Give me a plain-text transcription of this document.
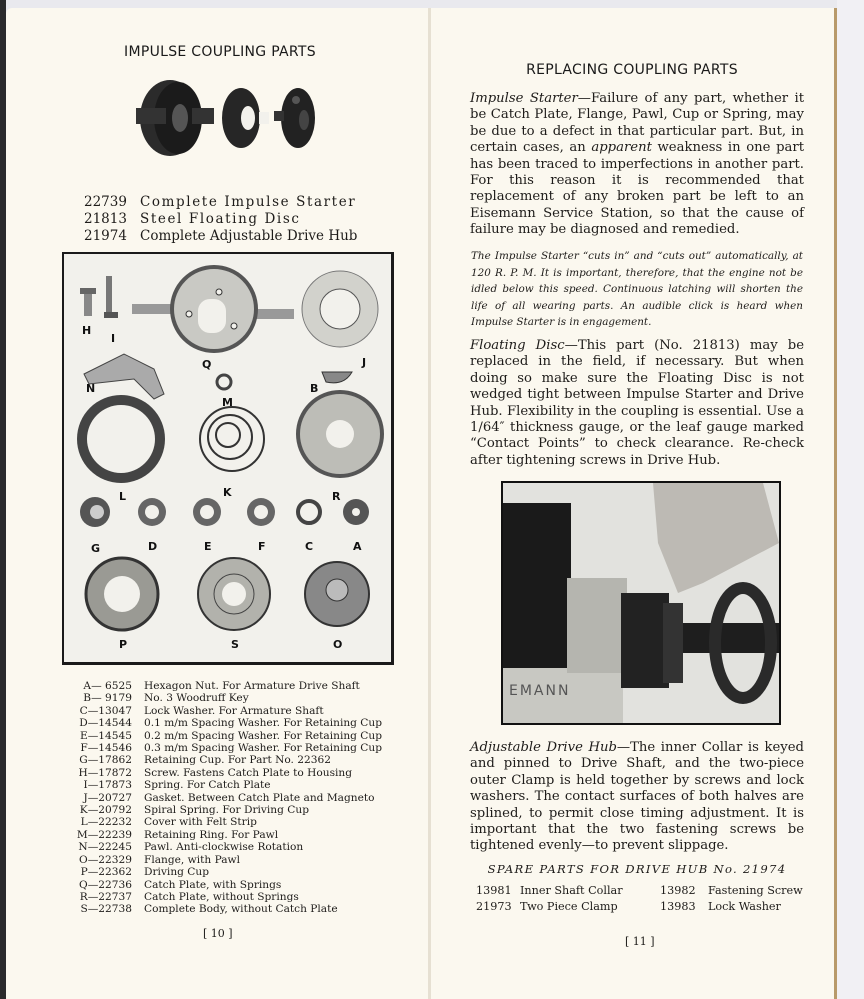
IMPULSE COUPLING PARTS
22739 Complete Impulse Starter
21813 Steel Floating Disc
21974 Complete Adjustable Drive Hub
H
I
Q	J
N
M
B
L	K	R
G	D	E	F	C	A
P	S	O
A— 6525	Hexagon Nut. For Armature Drive Shaft
B— 9179	No. 3 Woodruff Key
C—13047	Lock Washer. For Armature Shaft
D—14544	0.1 m/m Spacing Washer. For Retaining Cup
E—14545	0.2 m/m Spacing Washer. For Retaining Cup
F—14546	0.3 m/m Spacing Washer. For Retaining Cup
G—17862	Retaining Cup. For Part No. 22362
H—17872	Screw. Fastens Catch Plate to Housing
I—17873	Spring. For Catch Plate
J—20727	Gasket. Between Catch Plate and Magneto
K—20792	Spiral Spring. For Driving Cup
L—22232	Cover with Felt Strip
M—22239	Retaining Ring. For Pawl
N—22245	Pawl. Anti-clockwise Rotation
O—22329	Flange, with Pawl
P—22362	Driving Cup
Q—22736	Catch Plate, with Springs
R—22737	Catch Plate, without Springs
S—22738	Complete Body, without Catch Plate
[ 10 ]
REPLACING COUPLING PARTS
Impulse Starter—Failure of any part, whether it be Catch Plate, Flange, Pawl, Cup or Spring, may be due to a defect in that particular part. But, in certain cases, an apparent weakness in one part has been traced to imperfections in another part. For this reason it is recommended that replacement of any broken part be left to an Eisemann Service Station, so that the cause of failure may be diagnosed and remedied.
The Impulse Starter “cuts in” and “cuts out” automatically, at 120 R. P. M. It is important, therefore, that the engine not be idled below this speed. Continuous latching will shorten the life of all wearing parts. An audible click is heard when Impulse Starter is in engagement.
Floating Disc—This part (No. 21813) may be replaced in the field, if necessary. But when doing so make sure the Floating Disc is not wedged tight between Impulse Starter and Drive Hub. Flexibility in the coupling is essential. Use a 1/64″ thickness gauge, or the leaf gauge marked “Contact Points” to check clearance. Re-check after tightening screws in Drive Hub.
EMANN
Adjustable Drive Hub—The inner Collar is keyed and pinned to Drive Shaft, and the two-piece outer Clamp is held together by screws and lock washers. The contact surfaces of both halves are splined, to permit close timing adjustment. It is important that the two fastening screws be tightened evenly—to prevent slippage.
SPARE PARTS FOR DRIVE HUB No. 21974
13981 Inner Shaft Collar	13982	Fastening Screw
21973 Two Piece Clamp	13983	Lock Washer
[ 11 ]
